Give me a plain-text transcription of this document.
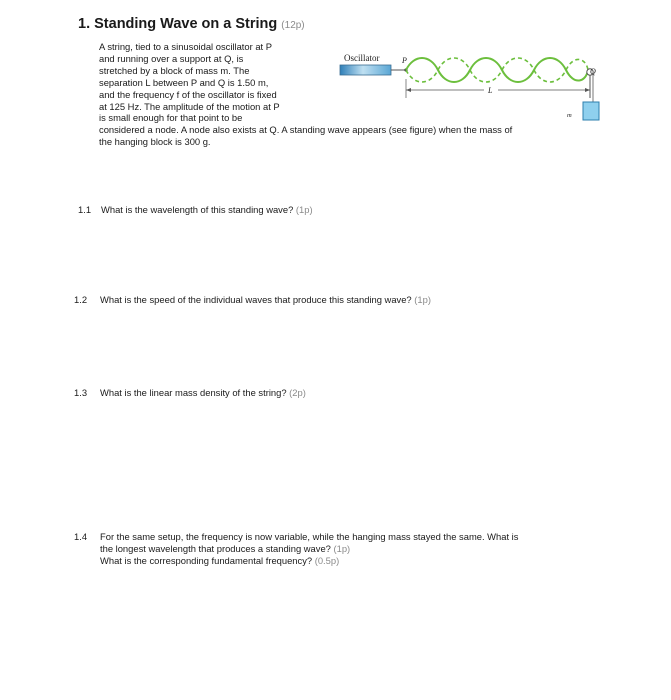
1. Standing Wave on a String (12p)
A string, tied to a sinusoidal oscillator at P
and running over a support at Q, is
stretched by a block of mass m. The
separation L between P and Q is 1.50 m,
and the frequency f of the oscillator is fixed
at 125 Hz. The amplitude of the motion at P
is small enough for that point to be
considered a node. A node also exists at Q. A standing wave appears (see figure) when the mass of
the hanging block is 300 g.
Oscillator	P
Q
m
L
1.1 What is the wavelength of this standing wave? (1p)
1.2 What is the speed of the individual waves that produce this standing wave? (1p)
1.3 What is the linear mass density of the string? (2p)
1.4 For the same setup, the frequency is now variable, while the hanging mass stayed the same. What is
the longest wavelength that produces a standing wave? (1p)
What is the corresponding fundamental frequency? (0.5p)
